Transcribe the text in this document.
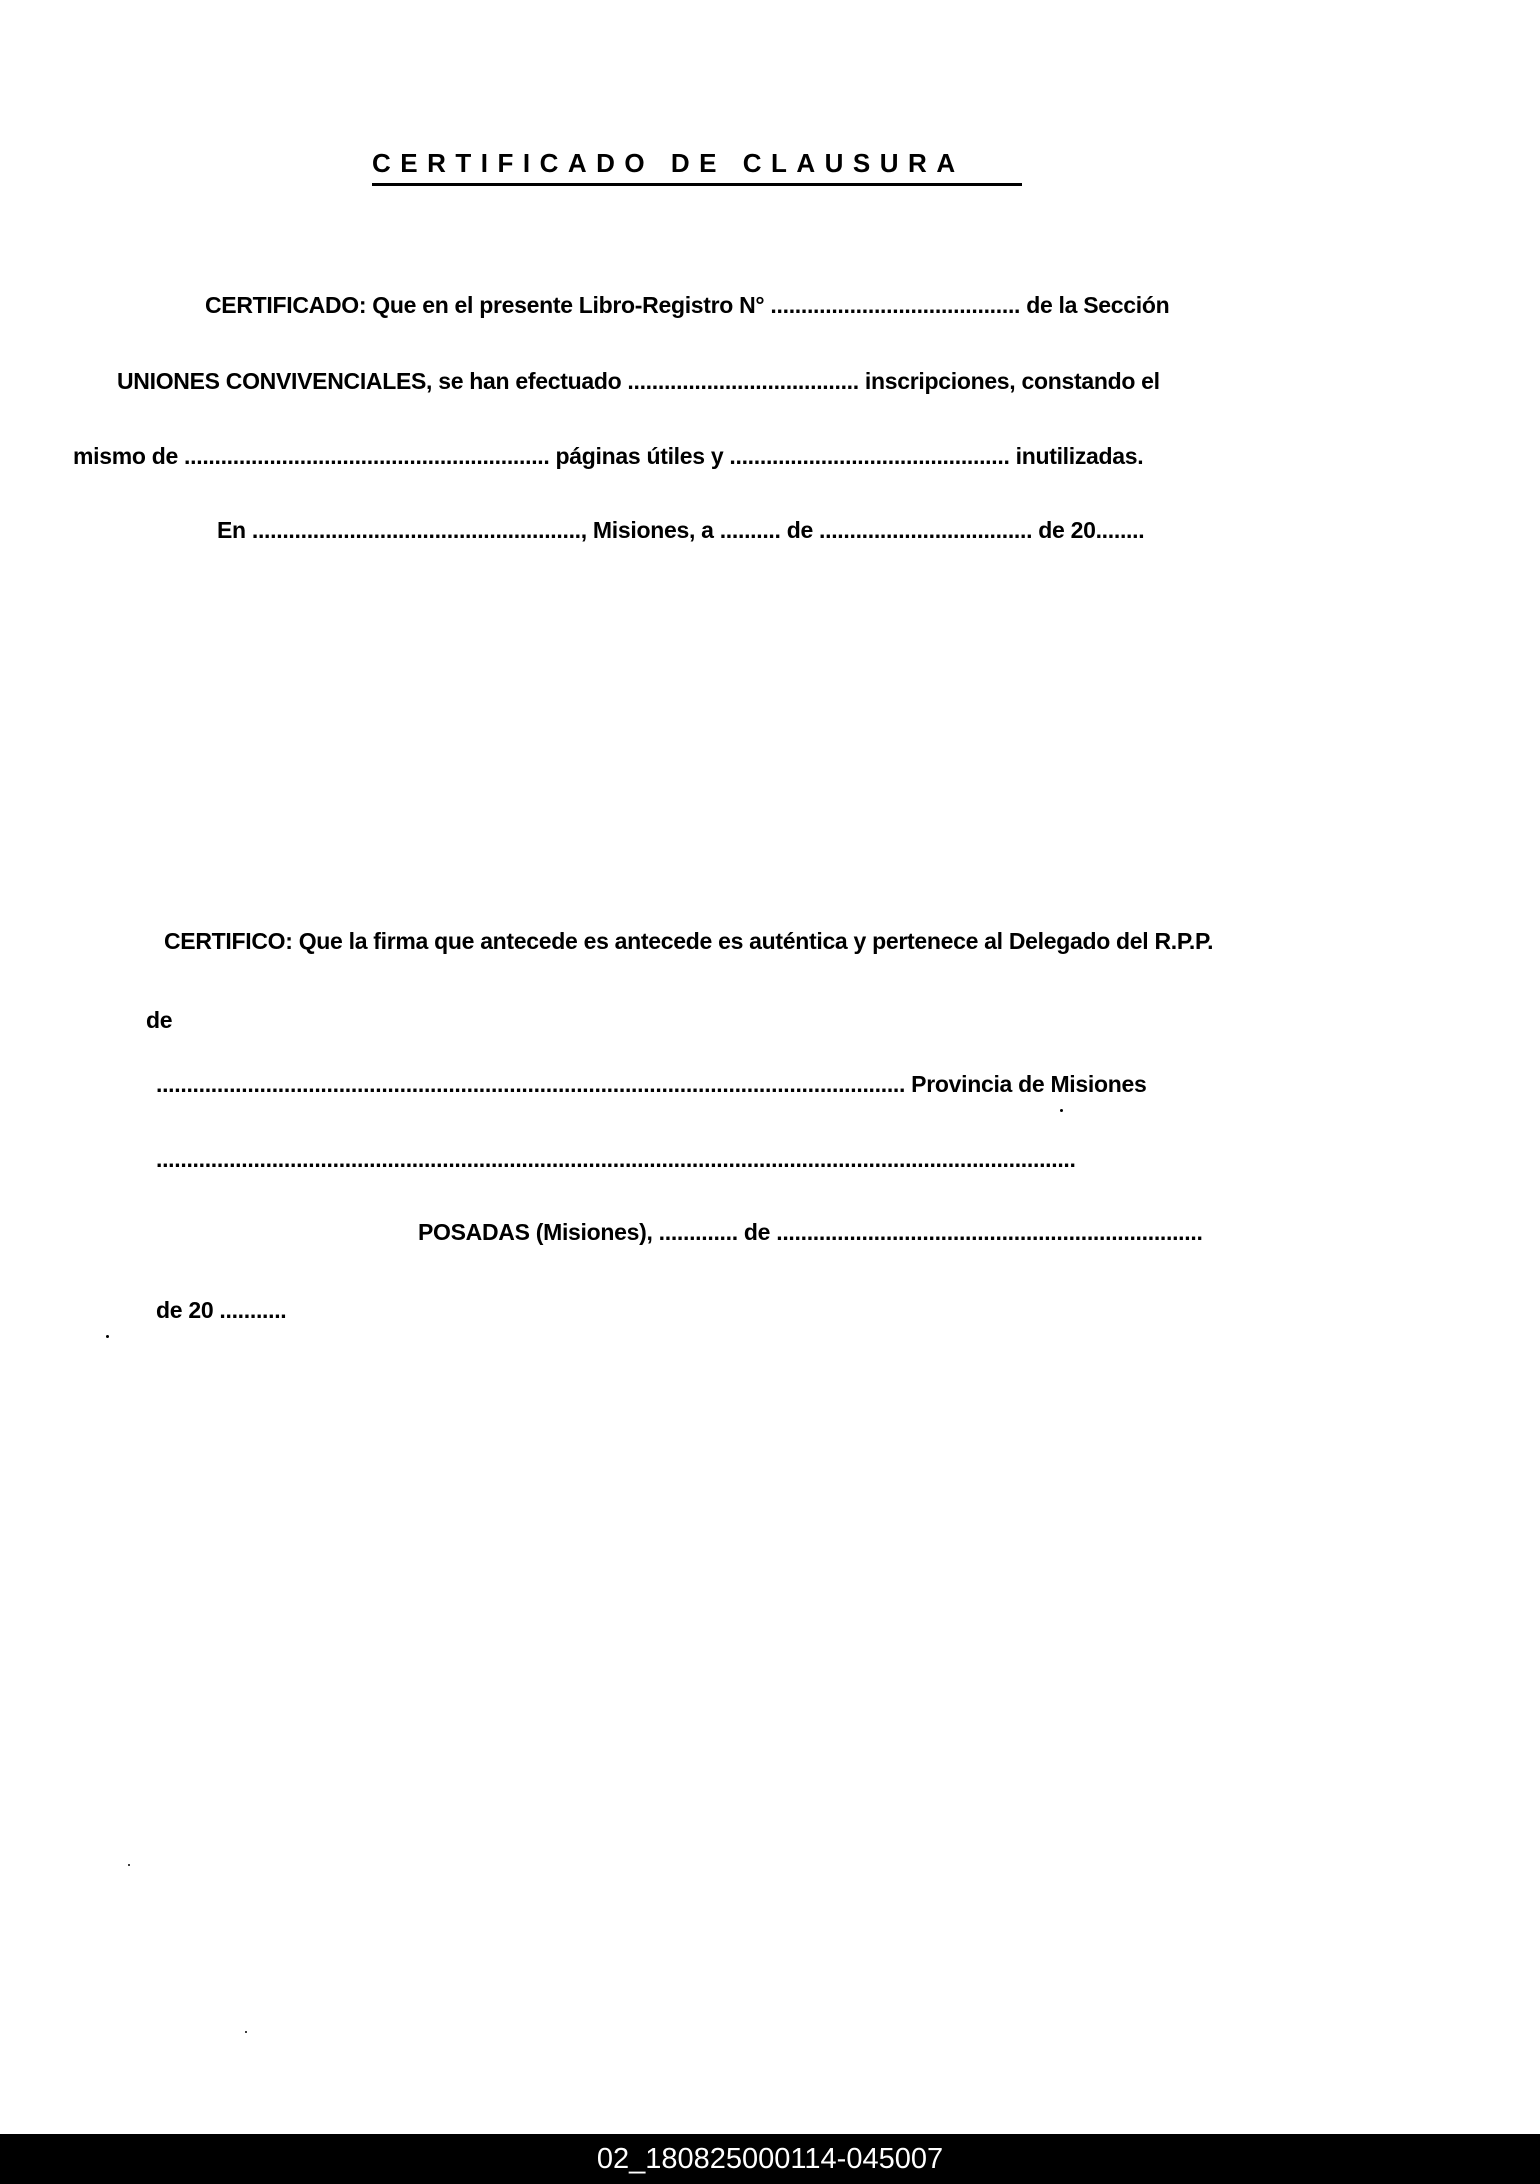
CERTIFICADO DE CLAUSURA
CERTIFICADO: Que en el presente Libro-Registro N° ......................................... de la Sección
UNIONES CONVIVENCIALES, se han efectuado ...................................... inscripciones, constando el
mismo de ............................................................ páginas útiles y .............................................. inutilizadas.
En ......................................................, Misiones, a .......... de ................................... de 20........
CERTIFICO: Que la firma que antecede es antecede es auténtica y pertenece al Delegado del R.P.P.
de
........................................................................................................................... Provincia de Misiones
.......................................................................................................................................................
POSADAS (Misiones), ............. de ......................................................................
de 20 ...........
02_180825000114-045007
